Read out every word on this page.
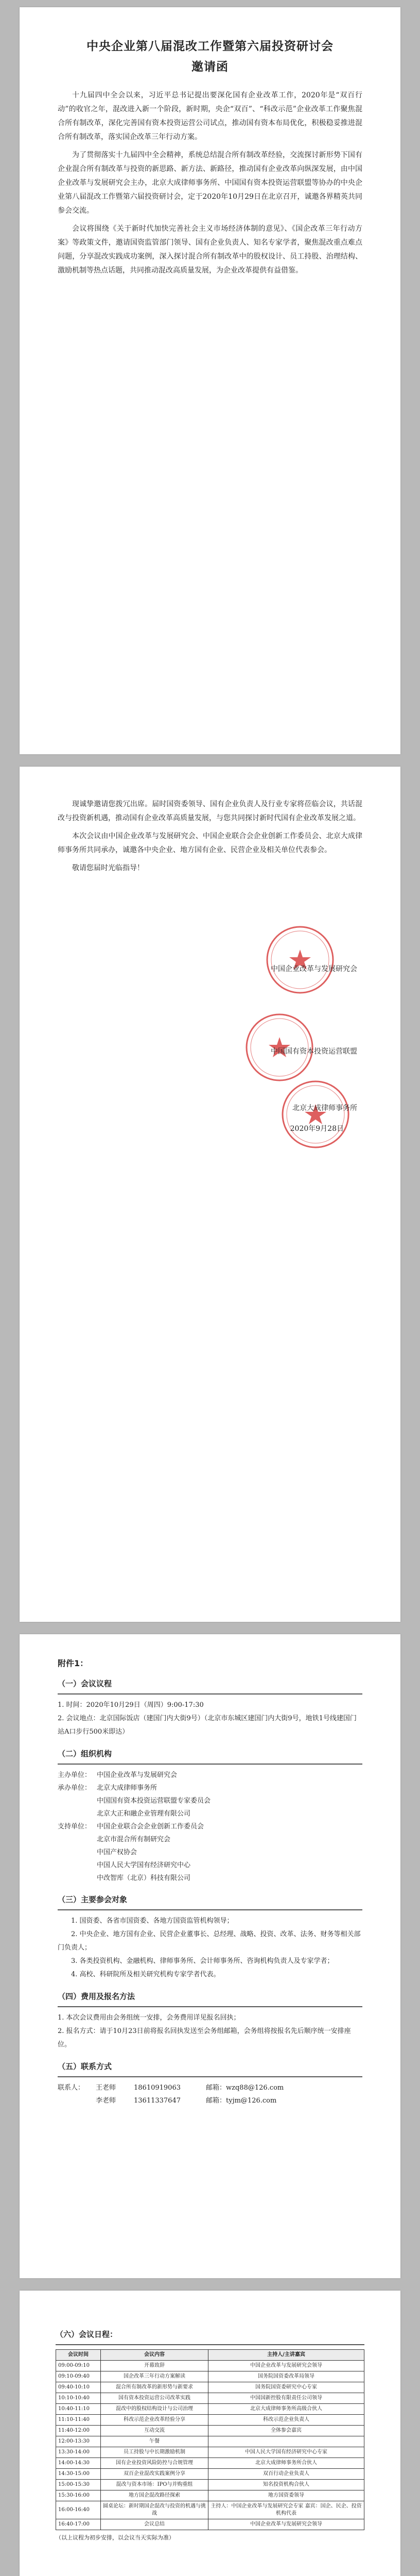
中央企业第八届混改工作暨第六届投资研讨会
邀请函

十九届四中全会以来，习近平总书记提出要深化国有企业改革工作，2020年是“双百行动”的收官之年，混改进入新一个阶段，新时期，央企“双百”、“科改示范”企业改革工作聚焦混合所有制改革，深化完善国有资本投资运营公司试点，推动国有资本布局优化，积极稳妥推进混合所有制改革，落实国企改革三年行动方案。

为了贯彻落实十九届四中全会精神，系统总结混合所有制改革经验，交流探讨新形势下国有企业混合所有制改革与投资的新思路、新方法、新路径，推动国有企业改革向纵深发展，由中国企业改革与发展研究会主办，北京大成律师事务所、中国国有资本投资运营联盟等协办的中央企业第八届混改工作暨第六届投资研讨会，定于2020年10月29日在北京召开，诚邀各界精英共同参会交流。

会议将围绕《关于新时代加快完善社会主义市场经济体制的意见》、《国企改革三年行动方案》等政策文件，邀请国资监管部门领导、国有企业负责人、知名专家学者，聚焦混改重点难点问题，分享混改实践成功案例，深入探讨混合所有制改革中的股权设计、员工持股、治理结构、激励机制等热点话题，共同推动混改高质量发展，为企业改革提供有益借鉴。

现诚挚邀请您拨冗出席。届时国资委领导、国有企业负责人及行业专家将莅临会议，共话混改与投资新机遇，推动国有企业改革高质量发展，与您共同探讨新时代国有企业改革发展之道。

本次会议由中国企业改革与发展研究会、中国企业联合会企业创新工作委员会、北京大成律师事务所共同承办，诚邀各中央企业、地方国有企业、民营企业及相关单位代表参会。

敬请您届时光临指导！

中国企业改革与发展研究会
中国国有资本投资运营联盟
北京大成律师事务所
2020年9月28日

附件1：

（一）会议议程

1. 时间：2020年10月29日（周四）9:00-17:30

2. 会议地点：北京国际饭店（建国门内大街9号）（北京市东城区建国门内大街9号，地铁1号线建国门站A口步行500米即达）

（二）组织机构

主办单位： 中国企业改革与发展研究会

承办单位： 北京大成律师事务所

中国国有资本投资运营联盟专家委员会

北京大正和融企业管理有限公司

支持单位： 中国企业联合会企业创新工作委员会

北京市混合所有制研究会

中国产权协会

中国人民大学国有经济研究中心

中改智库（北京）科技有限公司

（三）主要参会对象

1. 国资委、各省市国资委、各地方国资监管机构领导；

2. 中央企业、地方国有企业、民营企业董事长、总经理、战略、投资、改革、法务、财务等相关部门负责人；

3. 各类投资机构、金融机构、律师事务所、会计师事务所、咨询机构负责人及专家学者；

4. 高校、科研院所及相关研究机构专家学者代表。

（四）费用及报名方法

1. 本次会议费用由会务组统一安排，会务费用详见报名回执；

2. 报名方式：请于10月23日前将报名回执发送至会务组邮箱，会务组将按报名先后顺序统一安排座位。

（五）联系方式

联系人： 王老师	18610919063	邮箱：wzq88@126.com

李老师	13611337647	邮箱：tyjm@126.com

（六）会议日程：
会议时间	会议内容	主持人/主讲嘉宾
09:00-09:10	开幕致辞	中国企业改革与发展研究会领导
09:10-09:40	国企改革三年行动方案解读	国务院国资委改革局领导
09:40-10:10	混合所有制改革的新形势与新要求	国务院国资委研究中心专家
10:10-10:40	国有资本投资运营公司改革实践	中国国新控股有限责任公司领导
10:40-11:10	混改中的股权结构设计与公司治理	北京大成律师事务所高级合伙人
11:10-11:40	科改示范企业改革经验分享	科改示范企业负责人
11:40-12:00	互动交流	全体参会嘉宾
12:00-13:30	午餐	
13:30-14:00	员工持股与中长期激励机制	中国人民大学国有经济研究中心专家
14:00-14:30	国有企业投资风险防控与合规管理	北京大成律师事务所合伙人
14:30-15:00	双百企业混改实践案例分享	双百行动企业负责人
15:00-15:30	混改与资本市场：IPO与并购重组	知名投资机构合伙人
15:30-16:00	地方国企混改路径探索	地方国资委领导
16:00-16:40	圆桌论坛：新时期国企混改与投资的机遇与挑战	主持人：中国企业改革与发展研究会专家 嘉宾：国企、民企、投资机构代表
16:40-17:00	会议总结	中国企业改革与发展研究会领导
（以上议程为初步安排，以会议当天实际为准）
